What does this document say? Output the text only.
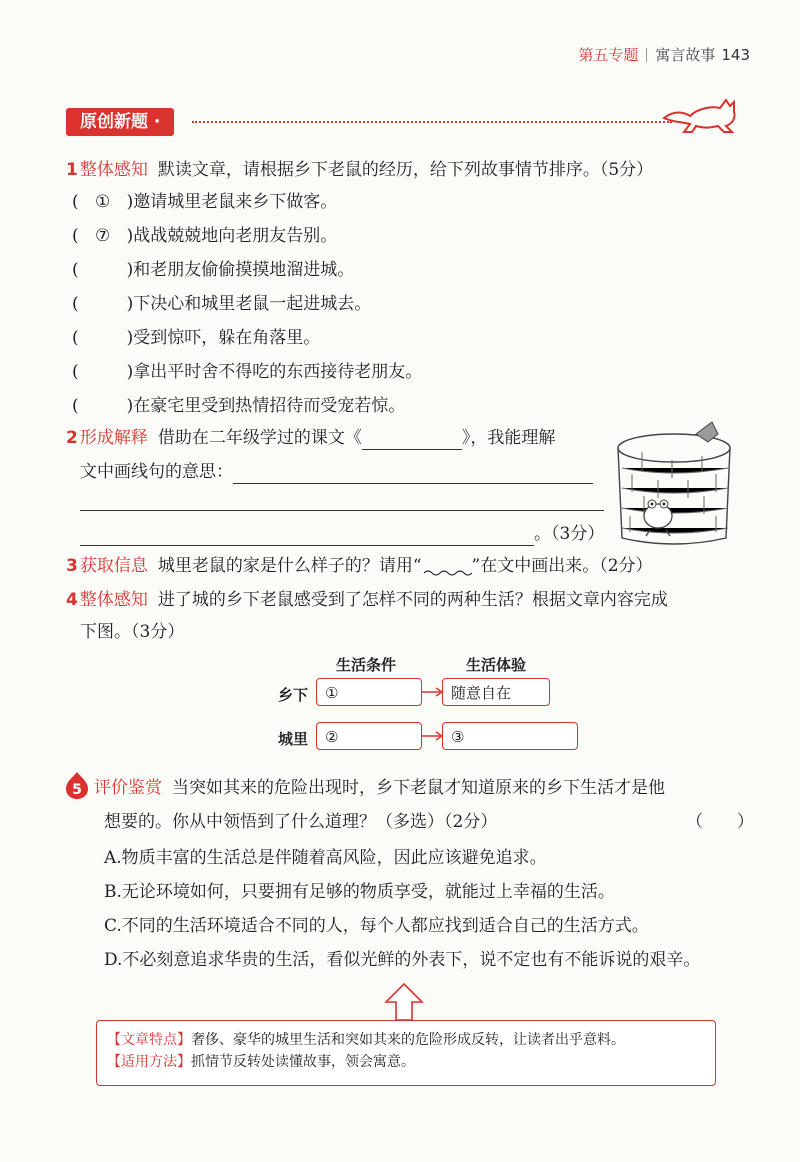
第五专题 寓言故事 143
原创新题 ·
1 整体感知 默读文章，请根据乡下老鼠的经历，给下列故事情节排序。（5分）
( ① )邀请城里老鼠来乡下做客。
( ⑦ )战战兢兢地向老朋友告别。
(	)和老朋友偷偷摸摸地溜进城。
(	)下决心和城里老鼠一起进城去。
(	)受到惊吓，躲在角落里。
(	)拿出平时舍不得吃的东西接待老朋友。
(	)在豪宅里受到热情招待而受宠若惊。
2 形成解释 借助在二年级学过的课文《	》，我能理解
文中画线句的意思：
。（3分）
3 获取信息 城里老鼠的家是什么样子的？请用“	”在文中画出来。（2分）
4 整体感知 进了城的乡下老鼠感受到了怎样不同的两种生活？根据文章内容完成
下图。（3分）
生活条件	生活体验
乡下	①	随意自在
城里	②	③
5 评价鉴赏 当突如其来的危险出现时，乡下老鼠才知道原来的乡下生活才是他
想要的。你从中领悟到了什么道理？（多选）（2分）	（　　）
A.物质丰富的生活总是伴随着高风险，因此应该避免追求。
B.无论环境如何，只要拥有足够的物质享受，就能过上幸福的生活。
C.不同的生活环境适合不同的人，每个人都应找到适合自己的生活方式。
D.不必刻意追求华贵的生活，看似光鲜的外表下，说不定也有不能诉说的艰辛。
【文章特点】奢侈、豪华的城里生活和突如其来的危险形成反转，让读者出乎意料。
【适用方法】抓情节反转处读懂故事，领会寓意。
